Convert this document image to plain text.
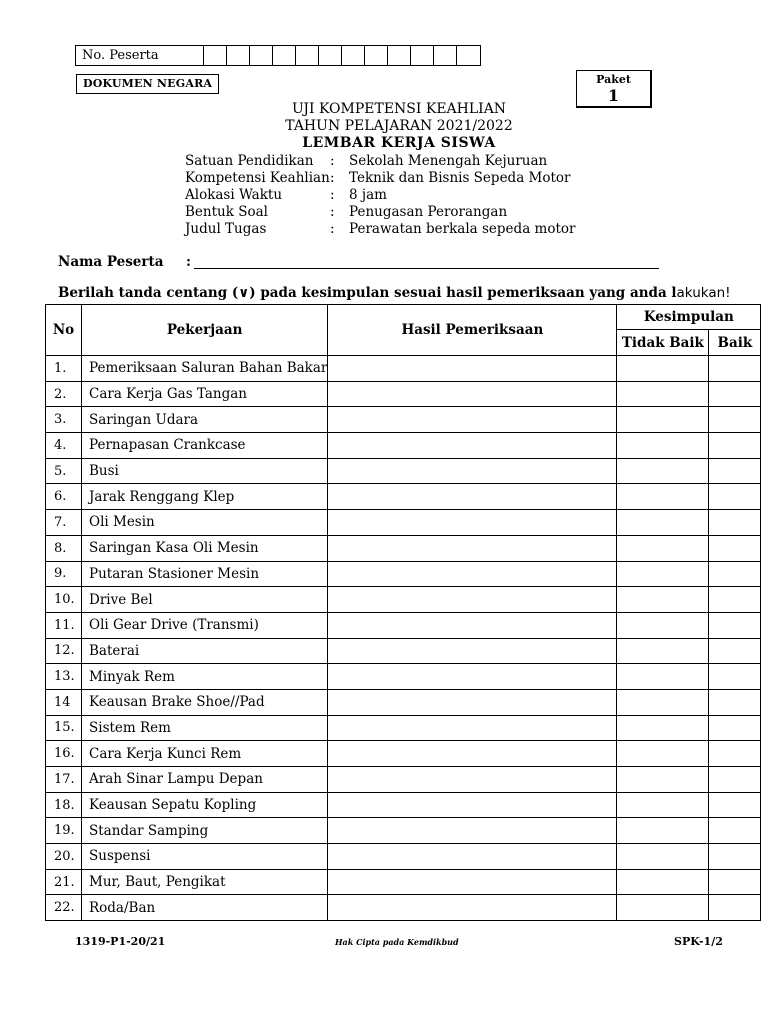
No. Peserta
DOKUMEN NEGARA	Paket
1
UJI KOMPETENSI KEAHLIAN
TAHUN PELAJARAN 2021/2022
LEMBAR KERJA SISWA
Satuan Pendidikan : Sekolah Menengah Kejuruan
Kompetensi Keahlian : Teknik dan Bisnis Sepeda Motor
Alokasi Waktu	: 8 jam
Bentuk Soal	: Penugasan Perorangan
Judul Tugas	: Perawatan berkala sepeda motor
Nama Peserta :
Berilah tanda centang (∨) pada kesimpulan sesuai hasil pemeriksaan yang anda lakukan!
No	Pekerjaan	Hasil Pemeriksaan	Kesimpulan	
			Tidak Baik	Baik
1.	Pemeriksaan Saluran Bahan Bakar			
2.	Cara Kerja Gas Tangan			
3.	Saringan Udara			
4.	Pernapasan Crankcase			
5.	Busi			
6.	Jarak Renggang Klep			
7.	Oli Mesin			
8.	Saringan Kasa Oli Mesin			
9.	Putaran Stasioner Mesin			
10.	Drive Bel			
11.	Oli Gear Drive (Transmi)			
12.	Baterai			
13.	Minyak Rem			
14	Keausan Brake Shoe//Pad			
15.	Sistem Rem			
16.	Cara Kerja Kunci Rem			
17.	Arah Sinar Lampu Depan			
18.	Keausan Sepatu Kopling			
19.	Standar Samping			
20.	Suspensi			
21.	Mur, Baut, Pengikat			
22.	Roda/Ban			
1319-P1-20/21	Hak Cipta pada Kemdikbud	SPK-1/2
